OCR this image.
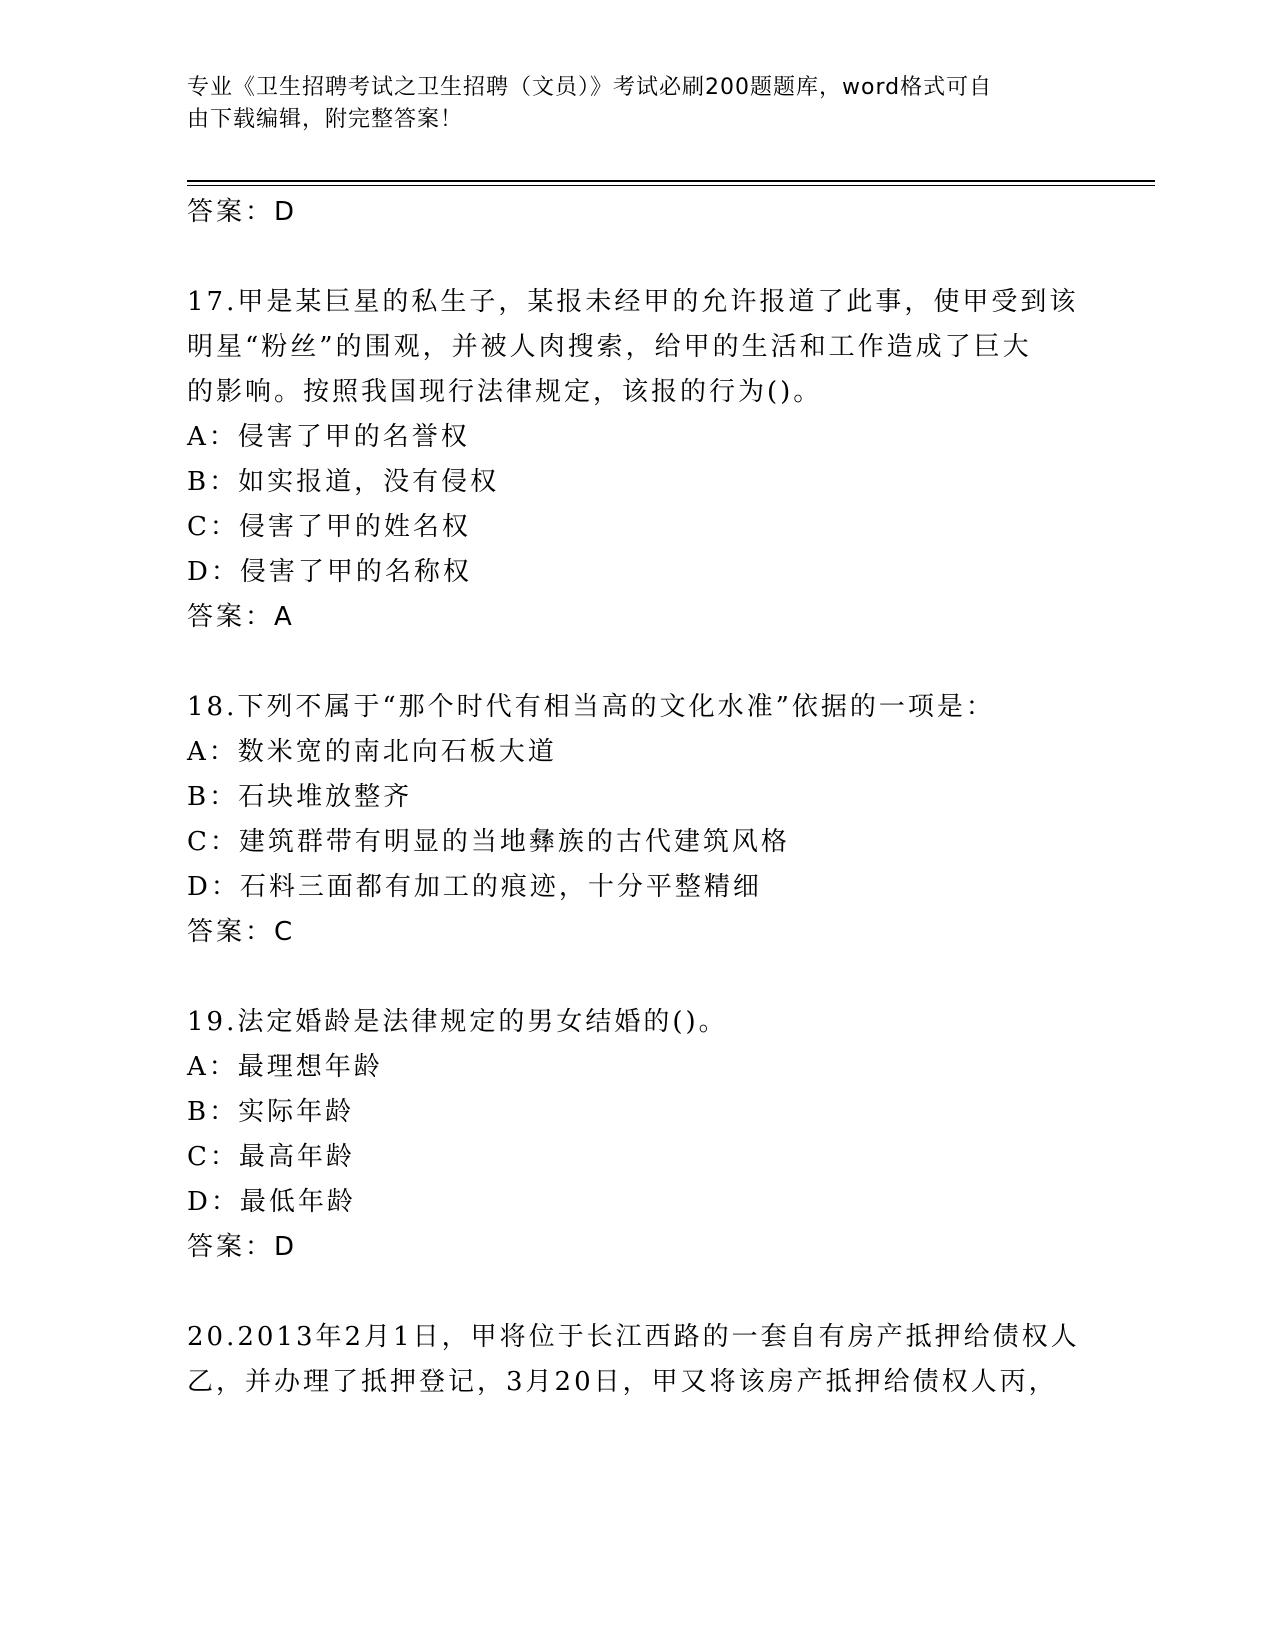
专业《卫生招聘考试之卫生招聘（文员）》考试必刷200题题库，word格式可自
由下载编辑，附完整答案！
答案：D
17.甲是某巨星的私生子，某报未经甲的允许报道了此事，使甲受到该
明星“粉丝”的围观，并被人肉搜索，给甲的生活和工作造成了巨大
的影响。按照我国现行法律规定，该报的行为()。
A：侵害了甲的名誉权
B：如实报道，没有侵权
C：侵害了甲的姓名权
D：侵害了甲的名称权
答案：A
18.下列不属于“那个时代有相当高的文化水准”依据的一项是：
A：数米宽的南北向石板大道
B：石块堆放整齐
C：建筑群带有明显的当地彝族的古代建筑风格
D：石料三面都有加工的痕迹，十分平整精细
答案：C
19.法定婚龄是法律规定的男女结婚的()。
A：最理想年龄
B：实际年龄
C：最高年龄
D：最低年龄
答案：D
20.2013年2月1日，甲将位于长江西路的一套自有房产抵押给债权人
乙，并办理了抵押登记，3月20日，甲又将该房产抵押给债权人丙，
